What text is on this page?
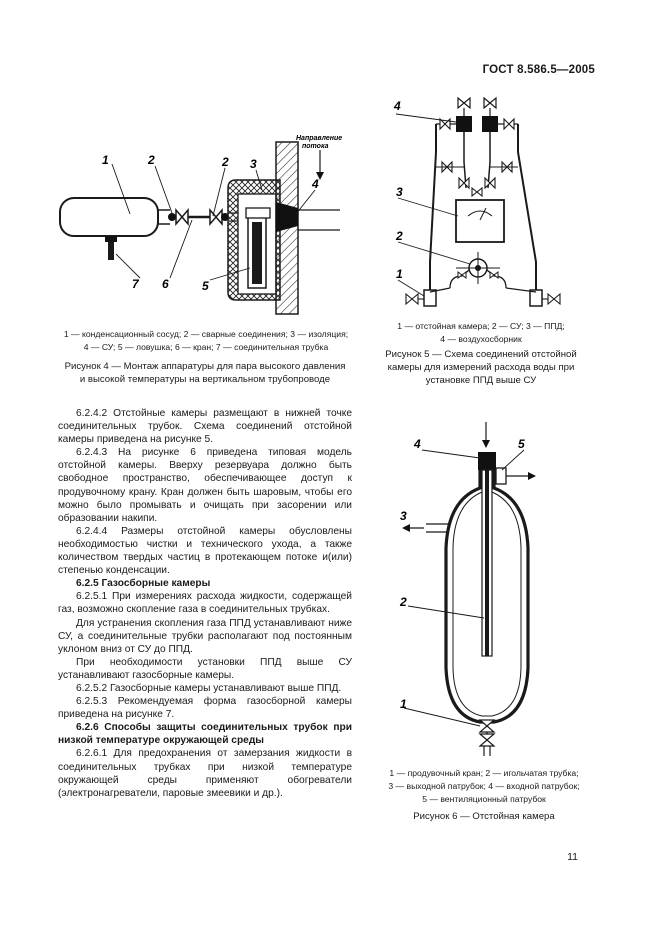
ГОСТ 8.586.5—2005
1	2	2 3
4
5
6
7
Направление
потока
1 — конденсационный сосуд; 2 — сварные соединения; 3 — изоляция;
4 — СУ; 5 — ловушка; 6 — кран; 7 — соединительная трубка
Рисунок 4 — Монтаж аппаратуры для пара высокого давления
и высокой температуры на вертикальном трубопроводе
4
3
2
1
1 — отстойная камера; 2 — СУ; 3 — ППД;
4 — воздухосборник
Рисунок 5 — Схема соединений отстойной
камеры для измерений расхода воды при
установке ППД выше СУ
4	5
3
2
1
1 — продувочный кран; 2 — игольчатая трубка;
3 — выходной патрубок; 4 — входной патрубок;
5 — вентиляционный патрубок
Рисунок 6 — Отстойная камера

6.2.4.2 Отстойные камеры размещают в нижней точке соединительных трубок. Схема соединений отстойной камеры приведена на рисунке 5.

6.2.4.3 На рисунке 6 приведена типовая модель отстойной камеры. Вверху резервуара должно быть свободное пространство, обеспечивающее доступ к продувочному крану. Кран должен быть шаровым, чтобы его можно было промывать и очищать при засорении или образовании накипи.

6.2.4.4 Размеры отстойной камеры обусловлены необходимостью чистки и технического ухода, а также количеством твердых частиц в протекающем потоке и(или) степенью конденсации.

6.2.5 Газосборные камеры

6.2.5.1 При измерениях расхода жидкости, содержащей газ, возможно скопление газа в соединительных трубках.

Для устранения скопления газа ППД устанавливают ниже СУ, а соединительные трубки располагают под постоянным уклоном вниз от СУ до ППД.

При необходимости установки ППД выше СУ устанавливают газосборные камеры.

6.2.5.2 Газосборные камеры устанавливают выше ППД.

6.2.5.3 Рекомендуемая форма газосборной камеры приведена на рисунке 7.

6.2.6 Способы защиты соединительных трубок при низкой температуре окружающей среды

6.2.6.1 Для предохранения от замерзания жидкости в соединительных трубках при низкой температуре окружающей среды применяют обогреватели (электронагреватели, паровые змеевики и др.).

11
